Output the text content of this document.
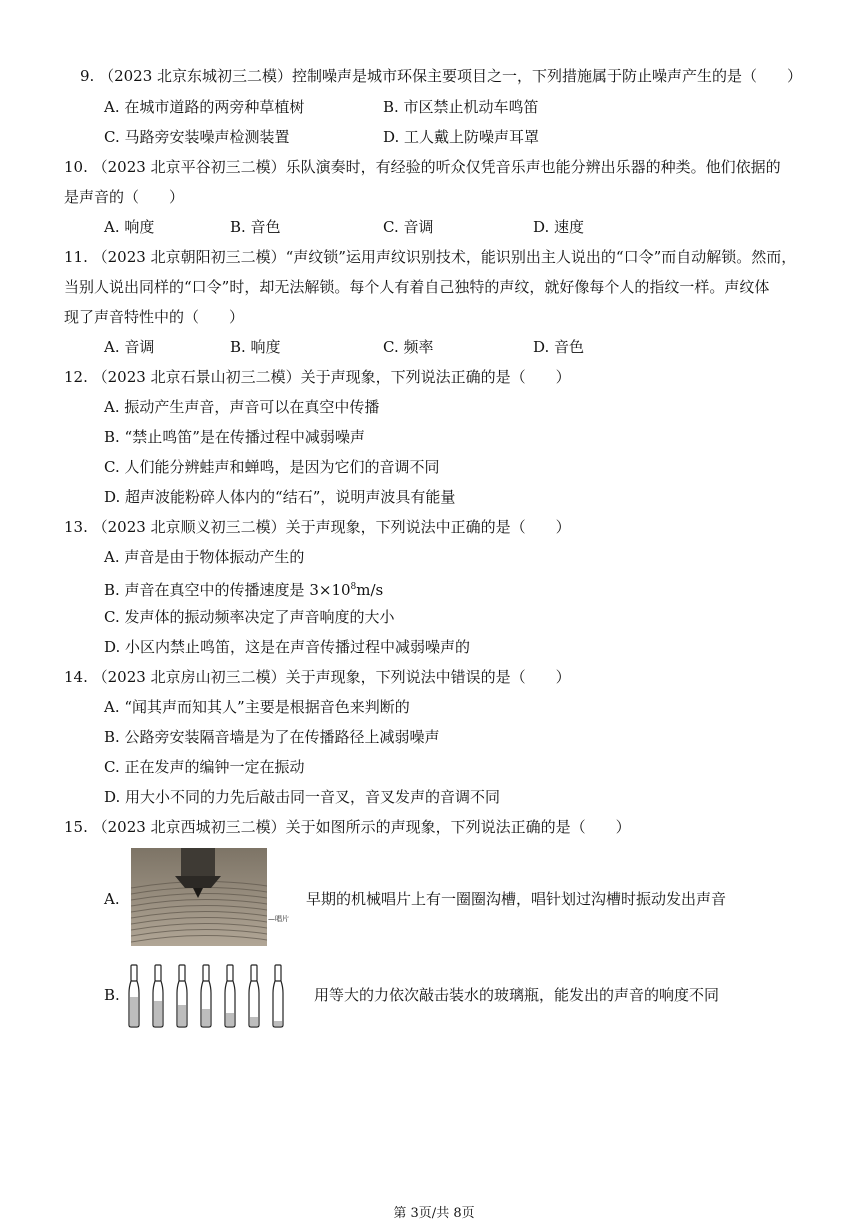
9. （2023 北京东城初三二模）控制噪声是城市环保主要项目之一，下列措施属于防止噪声产生的是（　　）
A. 在城市道路的两旁种草植树	B. 市区禁止机动车鸣笛
C. 马路旁安装噪声检测装置	D. 工人戴上防噪声耳罩
10. （2023 北京平谷初三二模）乐队演奏时，有经验的听众仅凭音乐声也能分辨出乐器的种类。他们依据的
是声音的（　　）
A. 响度	B. 音色	C. 音调	D. 速度
11. （2023 北京朝阳初三二模）“声纹锁”运用声纹识别技术，能识别出主人说出的“口令”而自动解锁。然而，
当别人说出同样的“口令”时，却无法解锁。每个人有着自己独特的声纹，就好像每个人的指纹一样。声纹体
现了声音特性中的（　　）
A. 音调	B. 响度	C. 频率	D. 音色
12. （2023 北京石景山初三二模）关于声现象，下列说法正确的是（　　）
A. 振动产生声音，声音可以在真空中传播
B. “禁止鸣笛”是在传播过程中减弱噪声
C. 人们能分辨蛙声和蝉鸣，是因为它们的音调不同
D. 超声波能粉碎人体内的“结石”，说明声波具有能量
13. （2023 北京顺义初三二模）关于声现象，下列说法中正确的是（　　）
A. 声音是由于物体振动产生的
B. 声音在真空中的传播速度是 $3\times 10^8m/s$
C. 发声体的振动频率决定了声音响度的大小
D. 小区内禁止鸣笛，这是在声音传播过程中减弱噪声的
14. （2023 北京房山初三二模）关于声现象，下列说法中错误的是（　　）
A. “闻其声而知其人”主要是根据音色来判断的
B. 公路旁安装隔音墙是为了在传播路径上减弱噪声
C. 正在发声的编钟一定在振动
D. 用大小不同的力先后敲击同一音叉，音叉发声的音调不同
15. （2023 北京西城初三二模）关于如图所示的声现象，下列说法正确的是（　　）
A.
—唱片
早期的机械唱片上有一圈圈沟槽，唱针划过沟槽时振动发出声音
B.	用等大的力依次敲击装水的玻璃瓶，能发出的声音的响度不同
第 3页/共 8页
